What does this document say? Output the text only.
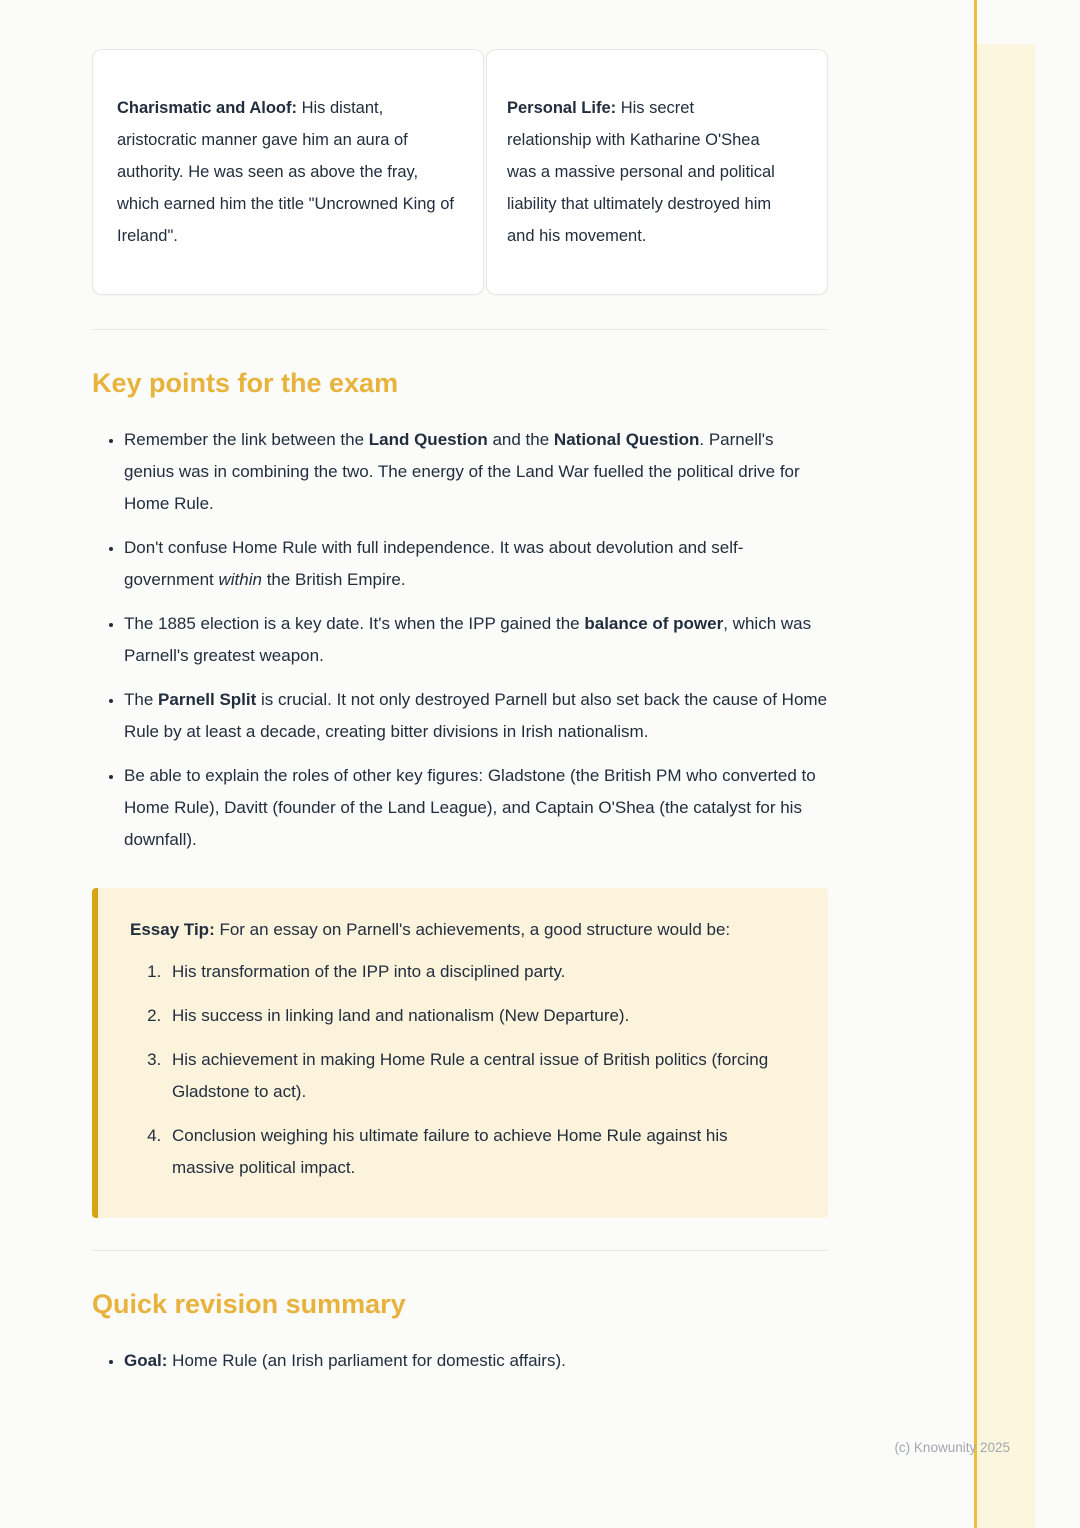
Charismatic and Aloof: His distant, aristocratic manner gave him an aura of authority. He was seen as above the fray, which earned him the title "Uncrowned King of Ireland".

Personal Life: His secret relationship with Katharine O'Shea was a massive personal and political liability that ultimately destroyed him and his movement.

Key points for the exam
• Remember the link between the Land Question and the National Question. Parnell's genius was in combining the two. The energy of the Land War fuelled the political drive for Home Rule.
• Don't confuse Home Rule with full independence. It was about devolution and self-government within the British Empire.
• The 1885 election is a key date. It's when the IPP gained the balance of power, which was Parnell's greatest weapon.
• The Parnell Split is crucial. It not only destroyed Parnell but also set back the cause of Home Rule by at least a decade, creating bitter divisions in Irish nationalism.
• Be able to explain the roles of other key figures: Gladstone (the British PM who converted to Home Rule), Davitt (founder of the Land League), and Captain O'Shea (the catalyst for his downfall).

Essay Tip: For an essay on Parnell's achievements, a good structure would be:

1. His transformation of the IPP into a disciplined party.
2. His success in linking land and nationalism (New Departure).
3. His achievement in making Home Rule a central issue of British politics (forcing Gladstone to act).
4. Conclusion weighing his ultimate failure to achieve Home Rule against his massive political impact.
Quick revision summary
• Goal: Home Rule (an Irish parliament for domestic affairs).
(c) Knowunity 2025
